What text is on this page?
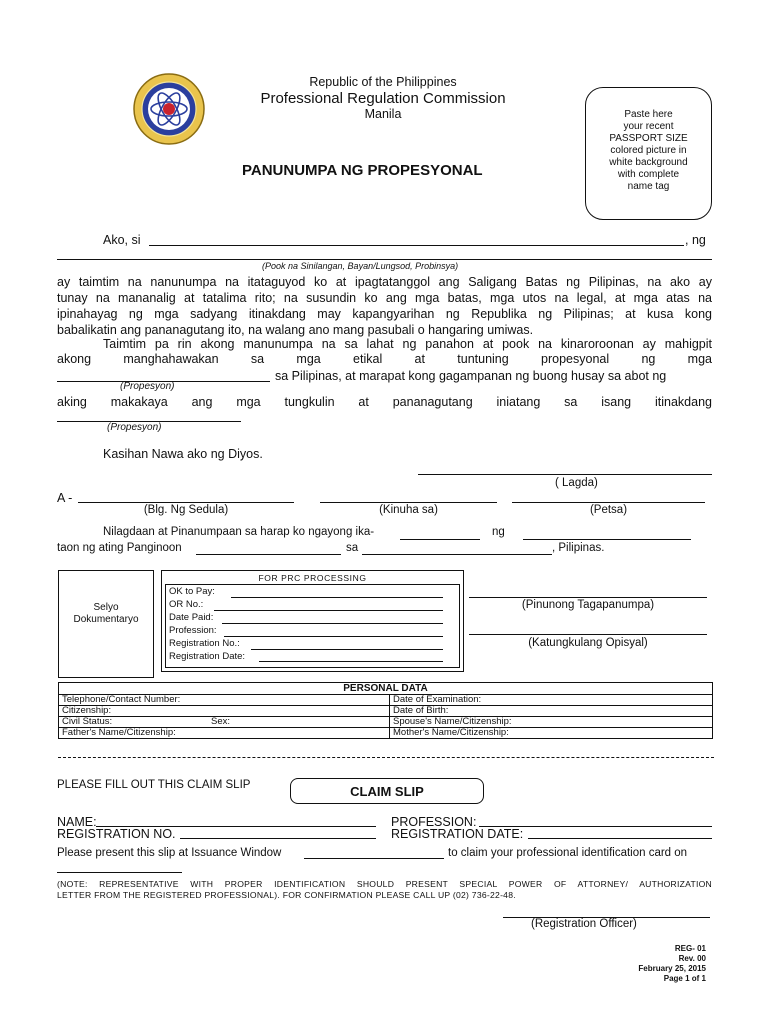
Republic of the Philippines
Professional Regulation Commission
Manila	Paste here
your recent
PASSPORT SIZE
colored picture in
white background
with complete
name tag
PANUNUMPA NG PROPESYONAL
Ako, si	, ng
(Pook na Sinilangan, Bayan/Lungsod, Probinsya)
ay taimtim na nanunumpa na itataguyod ko at ipagtatanggol ang Saligang Batas ng Pilipinas, na ako ay
tunay na mananalig at tatalima rito; na susundin ko ang mga batas, mga utos na legal, at mga atas na
ipinahayag ng mga sadyang itinakdang may kapangyarihan ng Republika ng Pilipinas; at kusa kong
babalikatin ang pananagutang ito, na walang ano mang pasubali o hangaring umiwas.
Taimtim pa rin akong manunumpa na sa lahat ng panahon at pook na kinaroroonan ay mahigpit
akong    manghahawakan    sa    mga    etikal    at    tuntuning    propesyonal    ng    mga
sa Pilipinas, at marapat kong gagampanan ng buong husay sa abot ng
(Propesyon)
aking   makakaya   ang   mga   tungkulin   at   pananagutang   iniatang   sa   isang   itinakdang
(Propesyon)
Kasihan Nawa ako ng Diyos.
( Lagda)
A -
(Blg. Ng Sedula)	(Kinuha sa)	(Petsa)
Nilagdaan at Pinanumpaan sa harap ko ngayong ika-	ng
taon ng ating Panginoon	sa	, Pilipinas.
Selyo
Dokumentaryo
FOR PRC PROCESSING
OK to Pay:
OR No.:
Date Paid:
Profession:
Registration No.:
Registration Date:
(Pinunong Tagapanumpa)
(Katungkulang Opisyal)
PERSONAL DATA	
Telephone/Contact Number:	Date of Examination:
Citizenship:	Date of Birth:
Civil Status: Sex:	Spouse's Name/Citizenship:
Father's Name/Citizenship:	Mother's Name/Citizenship:
PLEASE FILL OUT THIS CLAIM SLIP	CLAIM SLIP
NAME:	PROFESSION:
REGISTRATION NO.	REGISTRATION DATE:
Please present this slip at Issuance Window	to claim your professional identification card on
(NOTE: REPRESENTATIVE WITH PROPER IDENTIFICATION SHOULD PRESENT SPECIAL POWER OF ATTORNEY/ AUTHORIZATION
LETTER FROM THE REGISTERED PROFESSIONAL). FOR CONFIRMATION PLEASE CALL UP (02) 736-22-48.
(Registration Officer)
REG- 01
Rev. 00
February 25, 2015
Page 1 of 1
